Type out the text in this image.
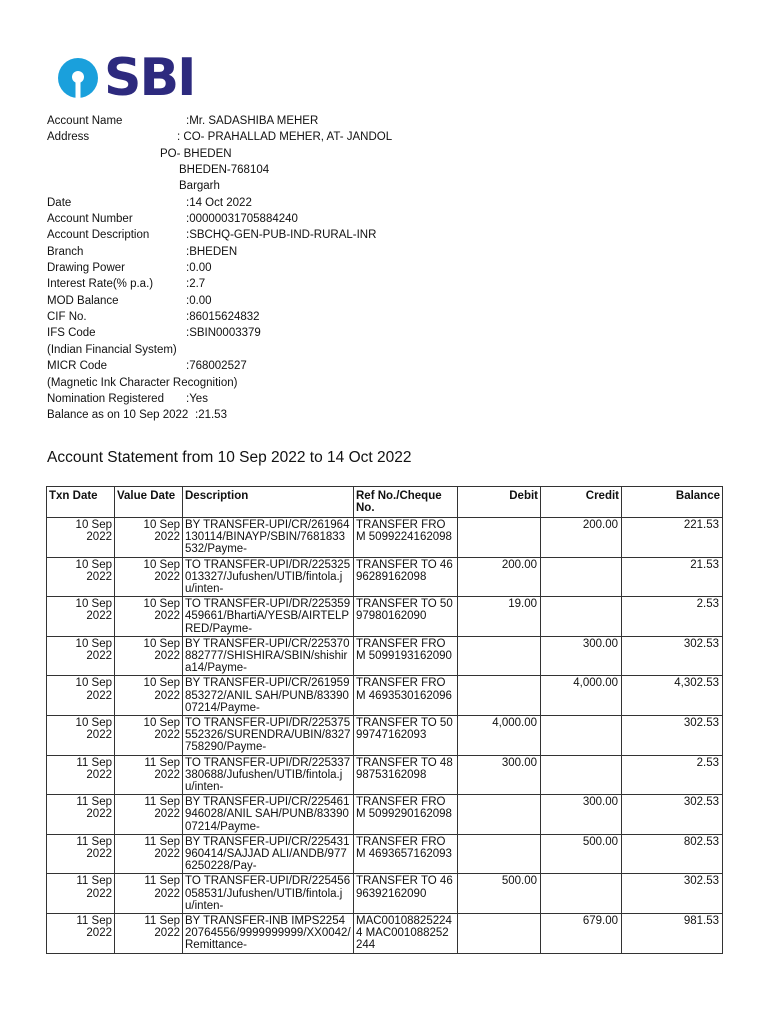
SBI
Account Name	:Mr. SADASHIBA MEHER
Address	: CO- PRAHALLAD MEHER, AT- JANDOL
PO- BHEDEN
BHEDEN-768104
Bargarh
Date	:14 Oct 2022
Account Number	:00000031705884240
Account Description	:SBCHQ-GEN-PUB-IND-RURAL-INR
Branch	:BHEDEN
Drawing Power	:0.00
Interest Rate(% p.a.)	:2.7
MOD Balance	:0.00
CIF No.	:86015624832
IFS Code	:SBIN0003379
(Indian Financial System)
MICR Code	:768002527
(Magnetic Ink Character Recognition)
Nomination Registered :Yes
Balance as on 10 Sep 2022 :21.53
Account Statement from 10 Sep 2022 to 14 Oct 2022
Txn Date	Value Date	Description	Ref No./Cheque No.	Debit	Credit	Balance

10 Sep 2022	10 Sep 2022	BY TRANSFER-UPI/CR/261964130114/BINAYP/SBIN/7681833532/Payme-	TRANSFER FROM 5099224162098		200.00	221.53

10 Sep 2022	10 Sep 2022	TO TRANSFER-UPI/DR/225325013327/Jufushen/UTIB/fintola.ju/inten-	TRANSFER TO 4696289162098	200.00		21.53

10 Sep 2022	10 Sep 2022	TO TRANSFER-UPI/DR/225359459661/BhartiA/YESB/AIRTELPRED/Payme-	TRANSFER TO 5097980162090	19.00		2.53

10 Sep 2022	10 Sep 2022	BY TRANSFER-UPI/CR/225370882777/SHISHIRA/SBIN/shishira14/Payme-	TRANSFER FROM 5099193162090		300.00	302.53

10 Sep 2022	10 Sep 2022	BY TRANSFER-UPI/CR/261959853272/ANIL SAH/PUNB/8339007214/Payme-	TRANSFER FROM 4693530162096		4,000.00	4,302.53

10 Sep 2022	10 Sep 2022	TO TRANSFER-UPI/DR/225375552326/SURENDRA/UBIN/8327758290/Payme-	TRANSFER TO 5099747162093	4,000.00		302.53

11 Sep 2022	11 Sep 2022	TO TRANSFER-UPI/DR/225337380688/Jufushen/UTIB/fintola.ju/inten-	TRANSFER TO 4898753162098	300.00		2.53

11 Sep 2022	11 Sep 2022	BY TRANSFER-UPI/CR/225461946028/ANIL SAH/PUNB/8339007214/Payme-	TRANSFER FROM 5099290162098		300.00	302.53

11 Sep 2022	11 Sep 2022	BY TRANSFER-UPI/CR/225431960414/SAJJAD ALI/ANDB/9776250228/Pay-	TRANSFER FROM 4693657162093		500.00	802.53

11 Sep 2022	11 Sep 2022	TO TRANSFER-UPI/DR/225456058531/Jufushen/UTIB/fintola.ju/inten-	TRANSFER TO 4696392162090	500.00		302.53

11 Sep 2022	11 Sep 2022	BY TRANSFER-INB IMPS225420764556/9999999999/XX0042/Remittance-	MAC001088252244 MAC001088252244		679.00	981.53
